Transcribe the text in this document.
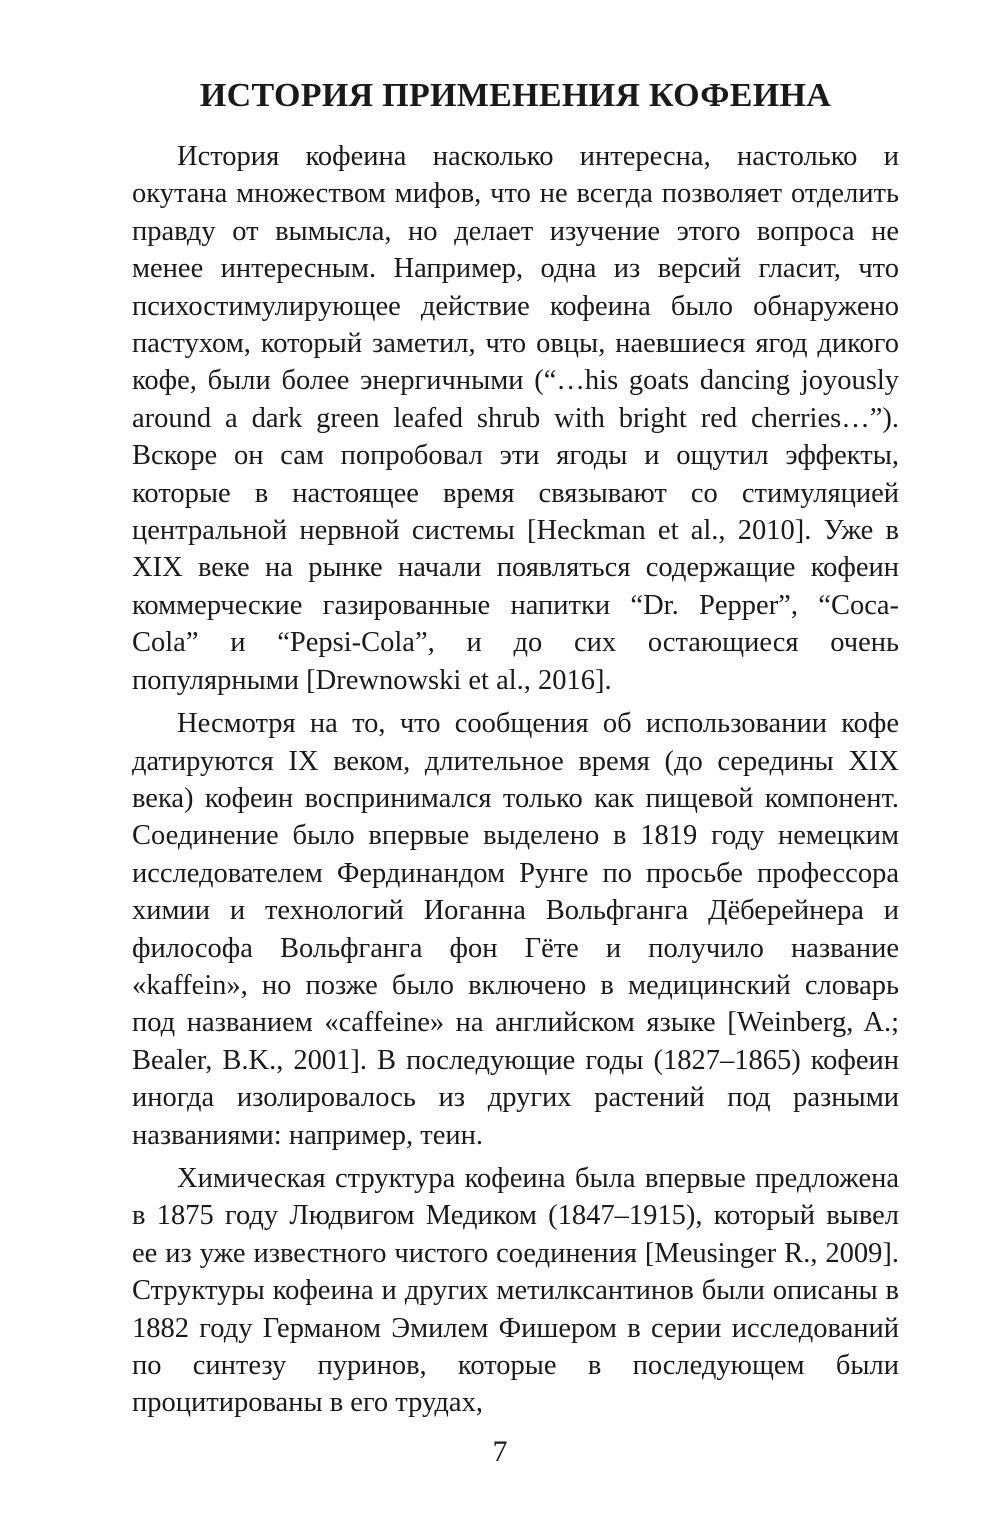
ИСТОРИЯ ПРИМЕНЕНИЯ КОФЕИНА

История кофеина насколько интересна, настолько и окутана множеством мифов, что не всегда позволяет отделить правду от вымысла, но делает изучение этого вопроса не менее интересным. Например, одна из версий гласит, что психостимулирующее действие кофеина было обнаружено пастухом, который заметил, что овцы, наевшиеся ягод дикого кофе, были более энергичными (“…his goats dancing joyously around a dark green leafed shrub with bright red cherries…”). Вскоре он сам попробовал эти ягоды и ощутил эффекты, которые в настоящее время связывают со стимуляцией центральной нервной системы [Heckman et al., 2010]. Уже в XIX веке на рынке начали появляться содержащие кофеин коммерческие газированные напитки “Dr. Pepper”, “Coca-Cola” и “Pepsi-Cola”, и до сих остающиеся очень популярными [Drewnowski et al., 2016].

Несмотря на то, что сообщения об использовании кофе датируются IX веком, длительное время (до середины XIX века) кофеин воспринимался только как пищевой компонент. Соединение было впервые выделено в 1819 году немецким исследователем Фердинандом Рунге по просьбе профессора химии и технологий Иоганна Вольфганга Дёберейнера и философа Вольфганга фон Гёте и получило название «kaffein», но позже было включено в медицинский словарь под названием «caffeine» на английском языке [Weinberg, A.; Bealer, B.K., 2001]. В последующие годы (1827–1865) кофеин иногда изолировалось из других растений под разными названиями: например, теин.

Химическая структура кофеина была впервые предложена в 1875 году Людвигом Медиком (1847–1915), который вывел ее из уже известного чистого соединения [Meusinger R., 2009]. Структуры кофеина и других метилксантинов были описаны в 1882 году Германом Эмилем Фишером в серии исследований по синтезу пуринов, которые в последующем были процитированы в его трудах,

7
